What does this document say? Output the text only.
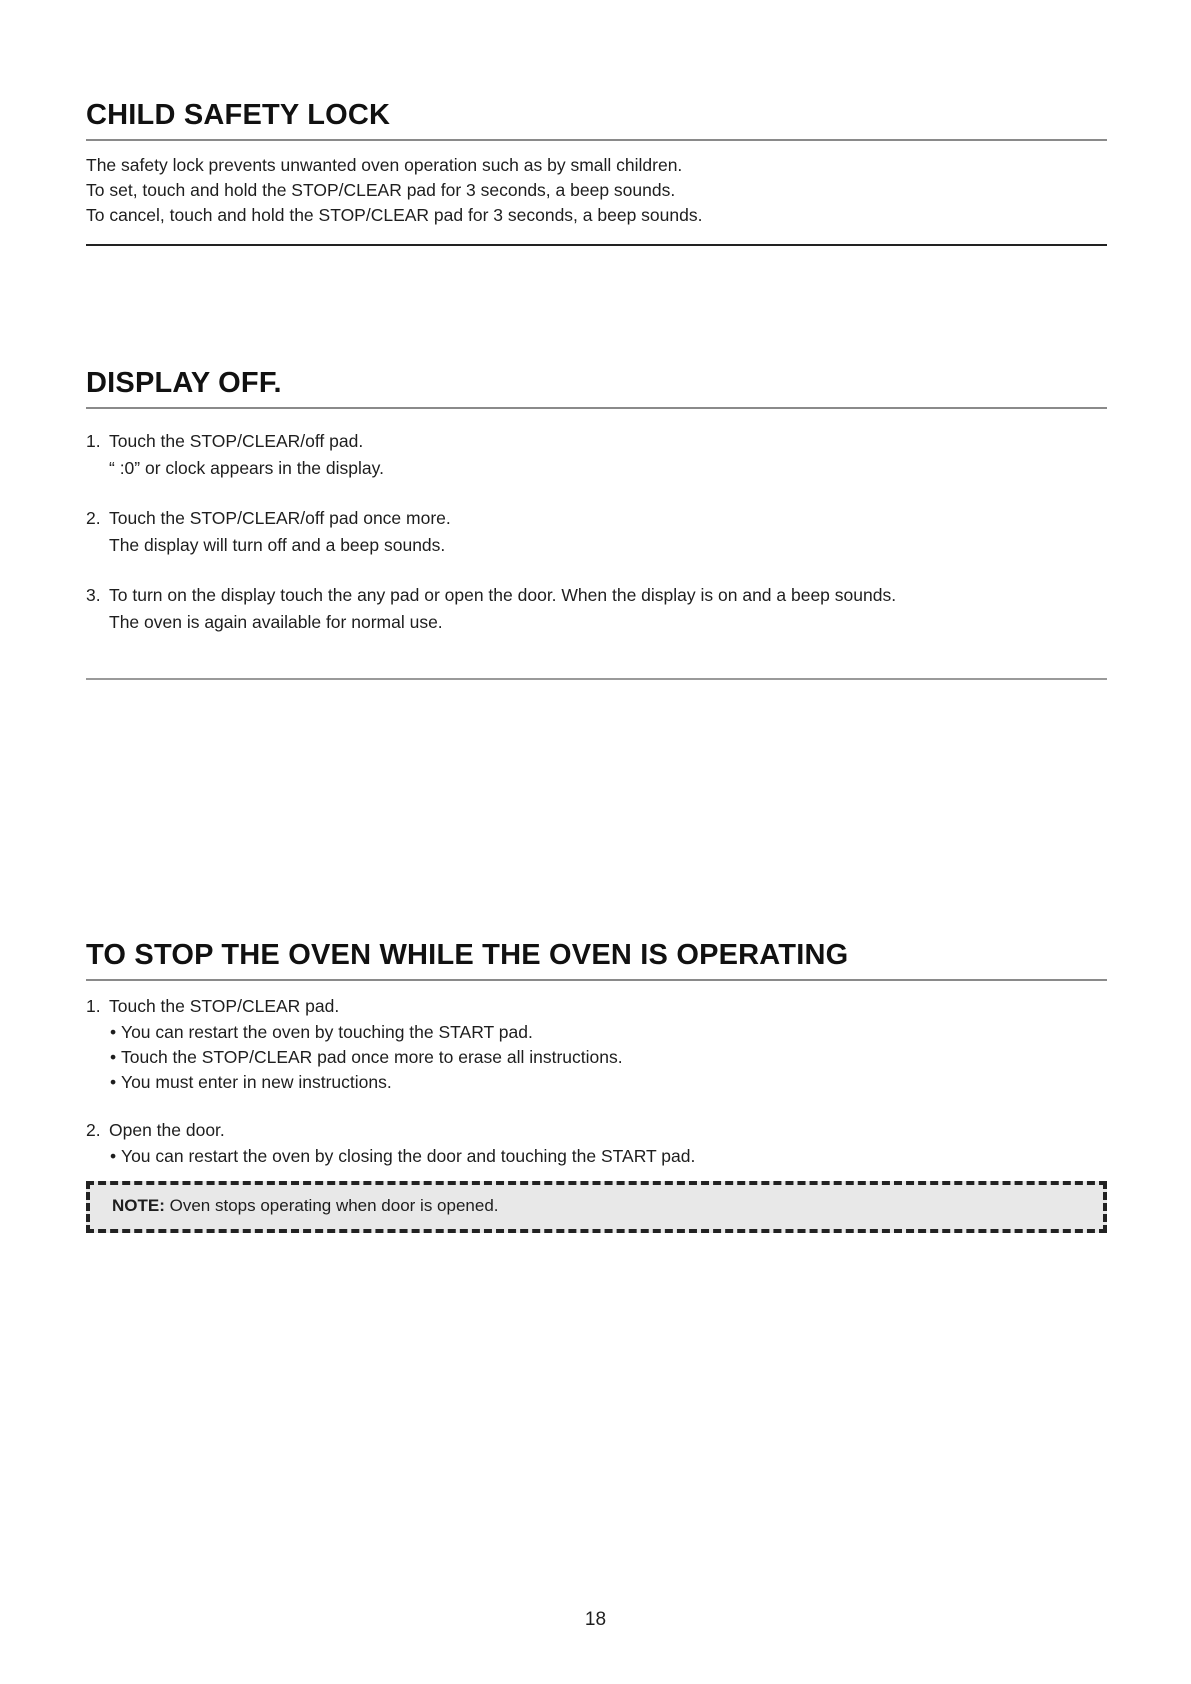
CHILD SAFETY LOCK

The safety lock prevents unwanted oven operation such as by small children.

To set, touch and hold the STOP/CLEAR pad for 3 seconds, a beep sounds.

To cancel, touch and hold the STOP/CLEAR pad for 3 seconds, a beep sounds.

DISPLAY OFF.

1. Touch the STOP/CLEAR/off pad.

“ :0” or clock appears in the display.

2. Touch the STOP/CLEAR/off pad once more.

The display will turn off and a beep sounds.

3. To turn on the display touch the any pad or open the door. When the display is on and a beep sounds.

The oven is again available for normal use.

TO STOP THE OVEN WHILE THE OVEN IS OPERATING

1. Touch the STOP/CLEAR pad.

• You can restart the oven by touching the START pad.
• Touch the STOP/CLEAR pad once more to erase all instructions.
• You must enter in new instructions.

2. Open the door.

• You can restart the oven by closing the door and touching the START pad.
NOTE: Oven stops operating when door is opened.
18
